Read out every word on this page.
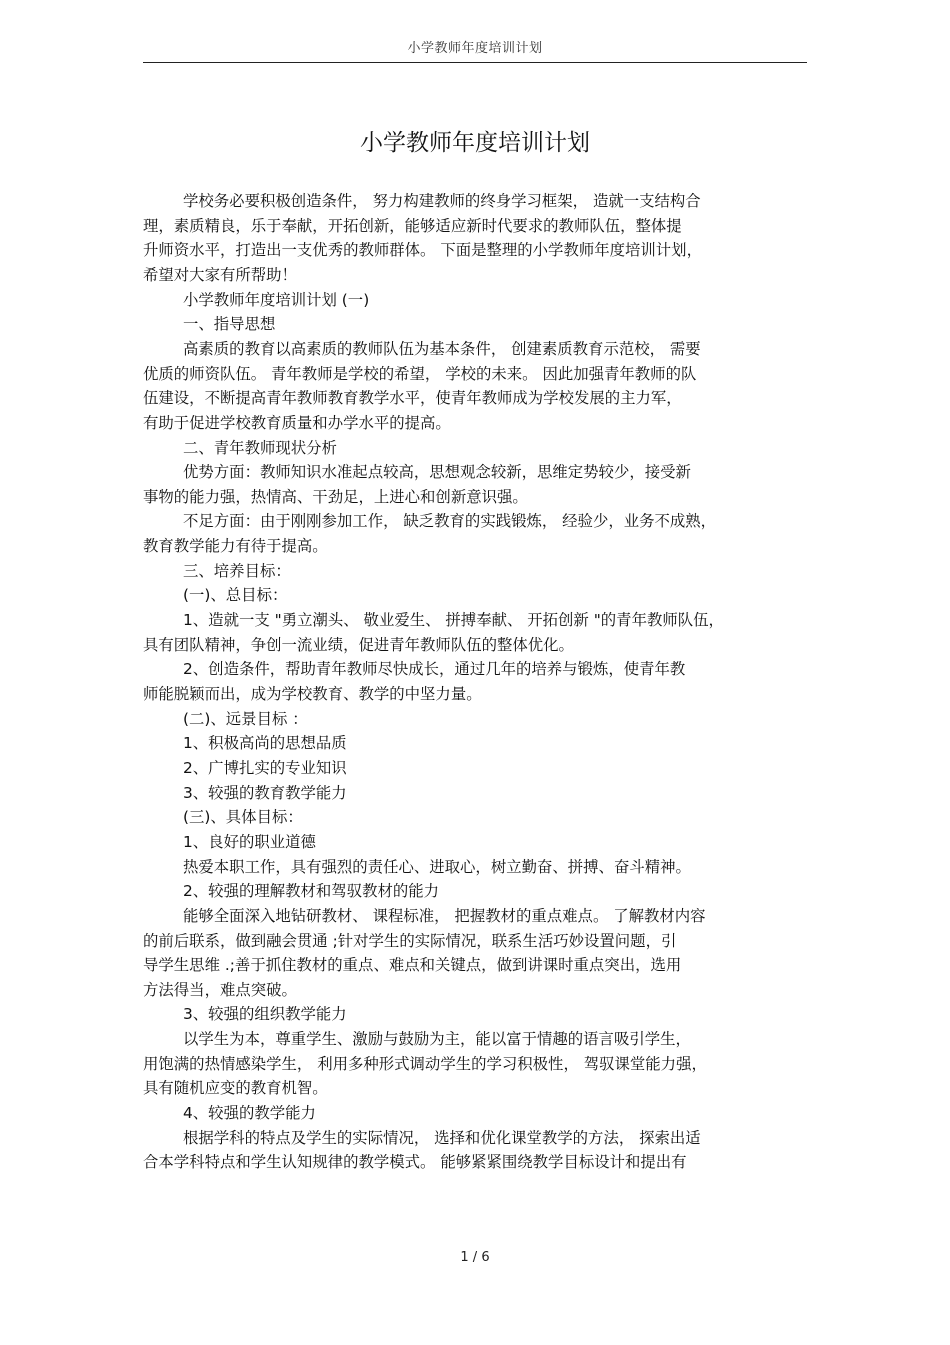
小学教师年度培训计划
小学教师年度培训计划
学校务必要积极创造条件， 努力构建教师的终身学习框架， 造就一支结构合
理，素质精良，乐于奉献，开拓创新，能够适应新时代要求的教师队伍，整体提
升师资水平，打造出一支优秀的教师群体。 下面是整理的小学教师年度培训计划，
希望对大家有所帮助！
小学教师年度培训计划 (一)
一、指导思想
高素质的教育以高素质的教师队伍为基本条件， 创建素质教育示范校， 需要
优质的师资队伍。 青年教师是学校的希望， 学校的未来。 因此加强青年教师的队
伍建设，不断提高青年教师教育教学水平，使青年教师成为学校发展的主力军，
有助于促进学校教育质量和办学水平的提高。
二、青年教师现状分析
优势方面：教师知识水准起点较高，思想观念较新，思维定势较少，接受新
事物的能力强，热情高、干劲足，上进心和创新意识强。
不足方面：由于刚刚参加工作， 缺乏教育的实践锻炼， 经验少，业务不成熟，
教育教学能力有待于提高。
三、培养目标：
(一)、总目标：
1、造就一支 "勇立潮头、 敬业爱生、 拼搏奉献、 开拓创新 "的青年教师队伍，
具有团队精神，争创一流业绩，促进青年教师队伍的整体优化。
2、创造条件，帮助青年教师尽快成长，通过几年的培养与锻炼，使青年教
师能脱颖而出，成为学校教育、教学的中坚力量。
(二)、远景目标 ：
1、积极高尚的思想品质
2、广博扎实的专业知识
3、较强的教育教学能力
(三)、具体目标：
1、良好的职业道德
热爱本职工作，具有强烈的责任心、进取心，树立勤奋、拼搏、奋斗精神。
2、较强的理解教材和驾驭教材的能力
能够全面深入地钻研教材、 课程标准， 把握教材的重点难点。 了解教材内容
的前后联系，做到融会贯通 ;针对学生的实际情况，联系生活巧妙设置问题，引
导学生思维 .;善于抓住教材的重点、难点和关键点，做到讲课时重点突出，选用
方法得当，难点突破。
3、较强的组织教学能力
以学生为本，尊重学生、激励与鼓励为主，能以富于情趣的语言吸引学生，
用饱满的热情感染学生， 利用多种形式调动学生的学习积极性， 驾驭课堂能力强，
具有随机应变的教育机智。
4、较强的教学能力
根据学科的特点及学生的实际情况， 选择和优化课堂教学的方法， 探索出适
合本学科特点和学生认知规律的教学模式。 能够紧紧围绕教学目标设计和提出有
1 / 6
